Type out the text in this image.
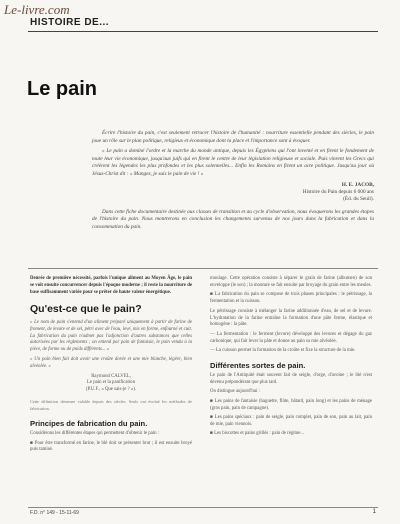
Le-livre.com
HISTOIRE DE...
Le pain

Écrire l'histoire du pain, c'est seulement retracer l'histoire de l'humanité : nourriture essentielle pendant des siècles, le pain joue un rôle sur le plan politique, religieux et économique dont la place et l'importance sont à évoquer.

« Le pain a dominé l'ordre et la marche du monde antique, depuis les Égyptiens qui l'ont inventé et en firent le fondement de toute leur vie économique, jusqu'aux juifs qui en firent le centre de leur législation religieuse et sociale. Puis vinrent les Grecs qui créèrent les légendes les plus profondes et les plus solennelles... Enfin les Romains en firent un acte politique. Jusqu'au jour où Jésus-Christ dit : « Mangez, je suis le pain de vie ! »

H. E. JACOB,
Histoire du Pain depuis 6 000 ans
(Éd. du Seuil).

Dans cette fiche documentaire destinée aux classes de transition et au cycle d'observation, nous évoquerons les grandes étapes de l'histoire du pain. Nous montrerons en conclusion les changements survenus de nos jours dans la fabrication et dans la consommation du pain.

Denrée de première nécessité, parfois l'unique aliment au Moyen Âge, le pain se voit ensuite concurrencer depuis l'époque moderne ; il reste la nourriture de base suffisamment variée pour se prêter de haute valeur énergétique.

Qu'est-ce que le pain?

« Le nom de pain s'entend d'un aliment préparé uniquement à partir de farine de froment, de levure et de sel, pétri avec de l'eau, levé, mis en forme, enfourné et cuit. La fabrication du pain n'admet pas l'adjonction d'autres substances que celles autorisées par les règlements ; on entend par pain de fantaisie, le pain vendu à la pièce, de forme ou de poids différents... »

« Un pain bien fait doit avoir une croûte dorée et une mie blanche, légère, bien alvéolée. »

Raymond CALVEL,
Le pain et la panification
(P.U.F., « Que sais-je ? »).

Cette définition demeure valable depuis des siècles. Seuls ont évolué les méthodes de fabrication.

Principes de fabrication du pain.

Considérons les différentes étapes qui permettent d'obtenir le pain :

■ Pour être transformé en farine, le blé doit se présenter brut ; il est ensuite broyé puis tamisé.

moulage. Cette opération consiste à séparer le grain de farine (albumen) de son enveloppe (le son) ; la mouture se fait ensuite par broyage du grain entre les meules.

■ La fabrication du pain se compose de trois phases principales : le pétrissage, la fermentation et la cuisson.

Le pétrissage consiste à mélanger la farine additionnée d'eau, de sel et de levure. L'hydratation de la farine entraîne la formation d'une pâte ferme, élastique et homogène : la pâte.

— La fermentation : le ferment (levure) développe des levures et dégage du gaz carbonique, qui fait lever la pâte et donne au pain sa mie alvéolée.

— La cuisson permet la formation de la croûte et fixe la structure de la mie.

Différentes sortes de pain.

Le pain de l'Antiquité était souvent fait de seigle, d'orge, d'avoine ; le blé n'est devenu prépondérant que plus tard.

On distingue aujourd'hui :

■ Les pains de fantaisie (baguette, flûte, bâtard, pain long) et les pains de ménage (gros pain, pain de campagne).

■ Les pains spéciaux : pain de seigle, pain complet, pain de son, pain au lait, pain de mie, pain viennois.

■ Les biscottes et pains grillés : pain de régime...

F.D. n° 149 - 15-11-69	1
